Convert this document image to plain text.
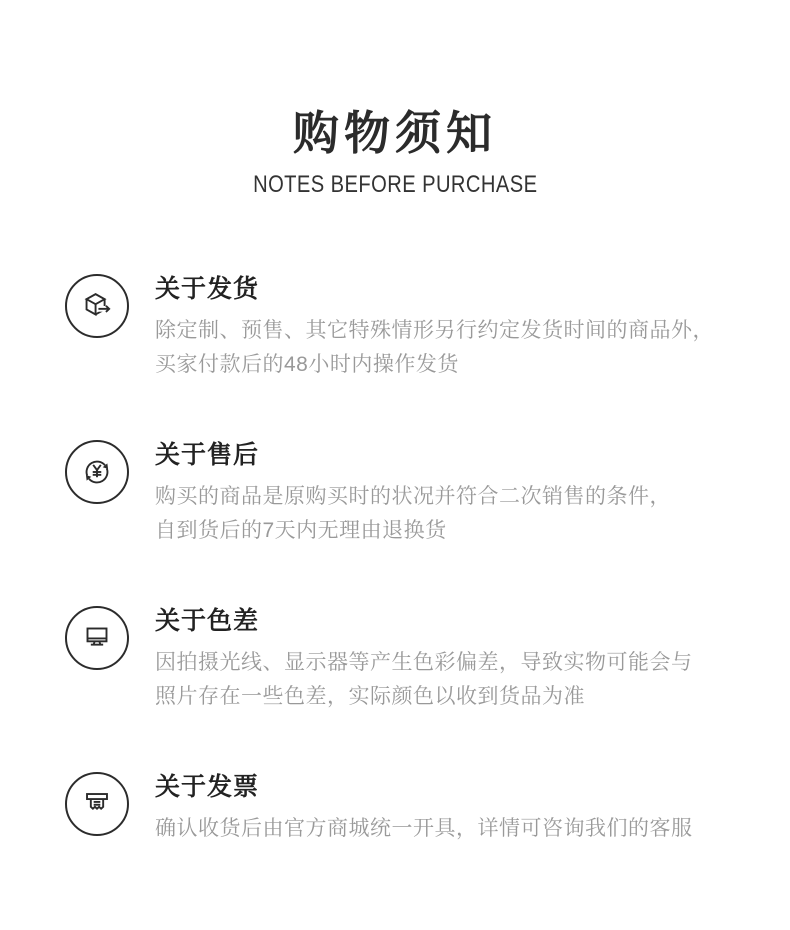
购物须知
NOTES BEFORE PURCHASE
关于发货

除定制、预售、其它特殊情形另行约定发货时间的商品外，

买家付款后的48小时内操作发货

关于售后

购买的商品是原购买时的状况并符合二次销售的条件，

自到货后的7天内无理由退换货

关于色差

因拍摄光线、显示器等产生色彩偏差，导致实物可能会与

照片存在一些色差，实际颜色以收到货品为准

关于发票

确认收货后由官方商城统一开具，详情可咨询我们的客服
